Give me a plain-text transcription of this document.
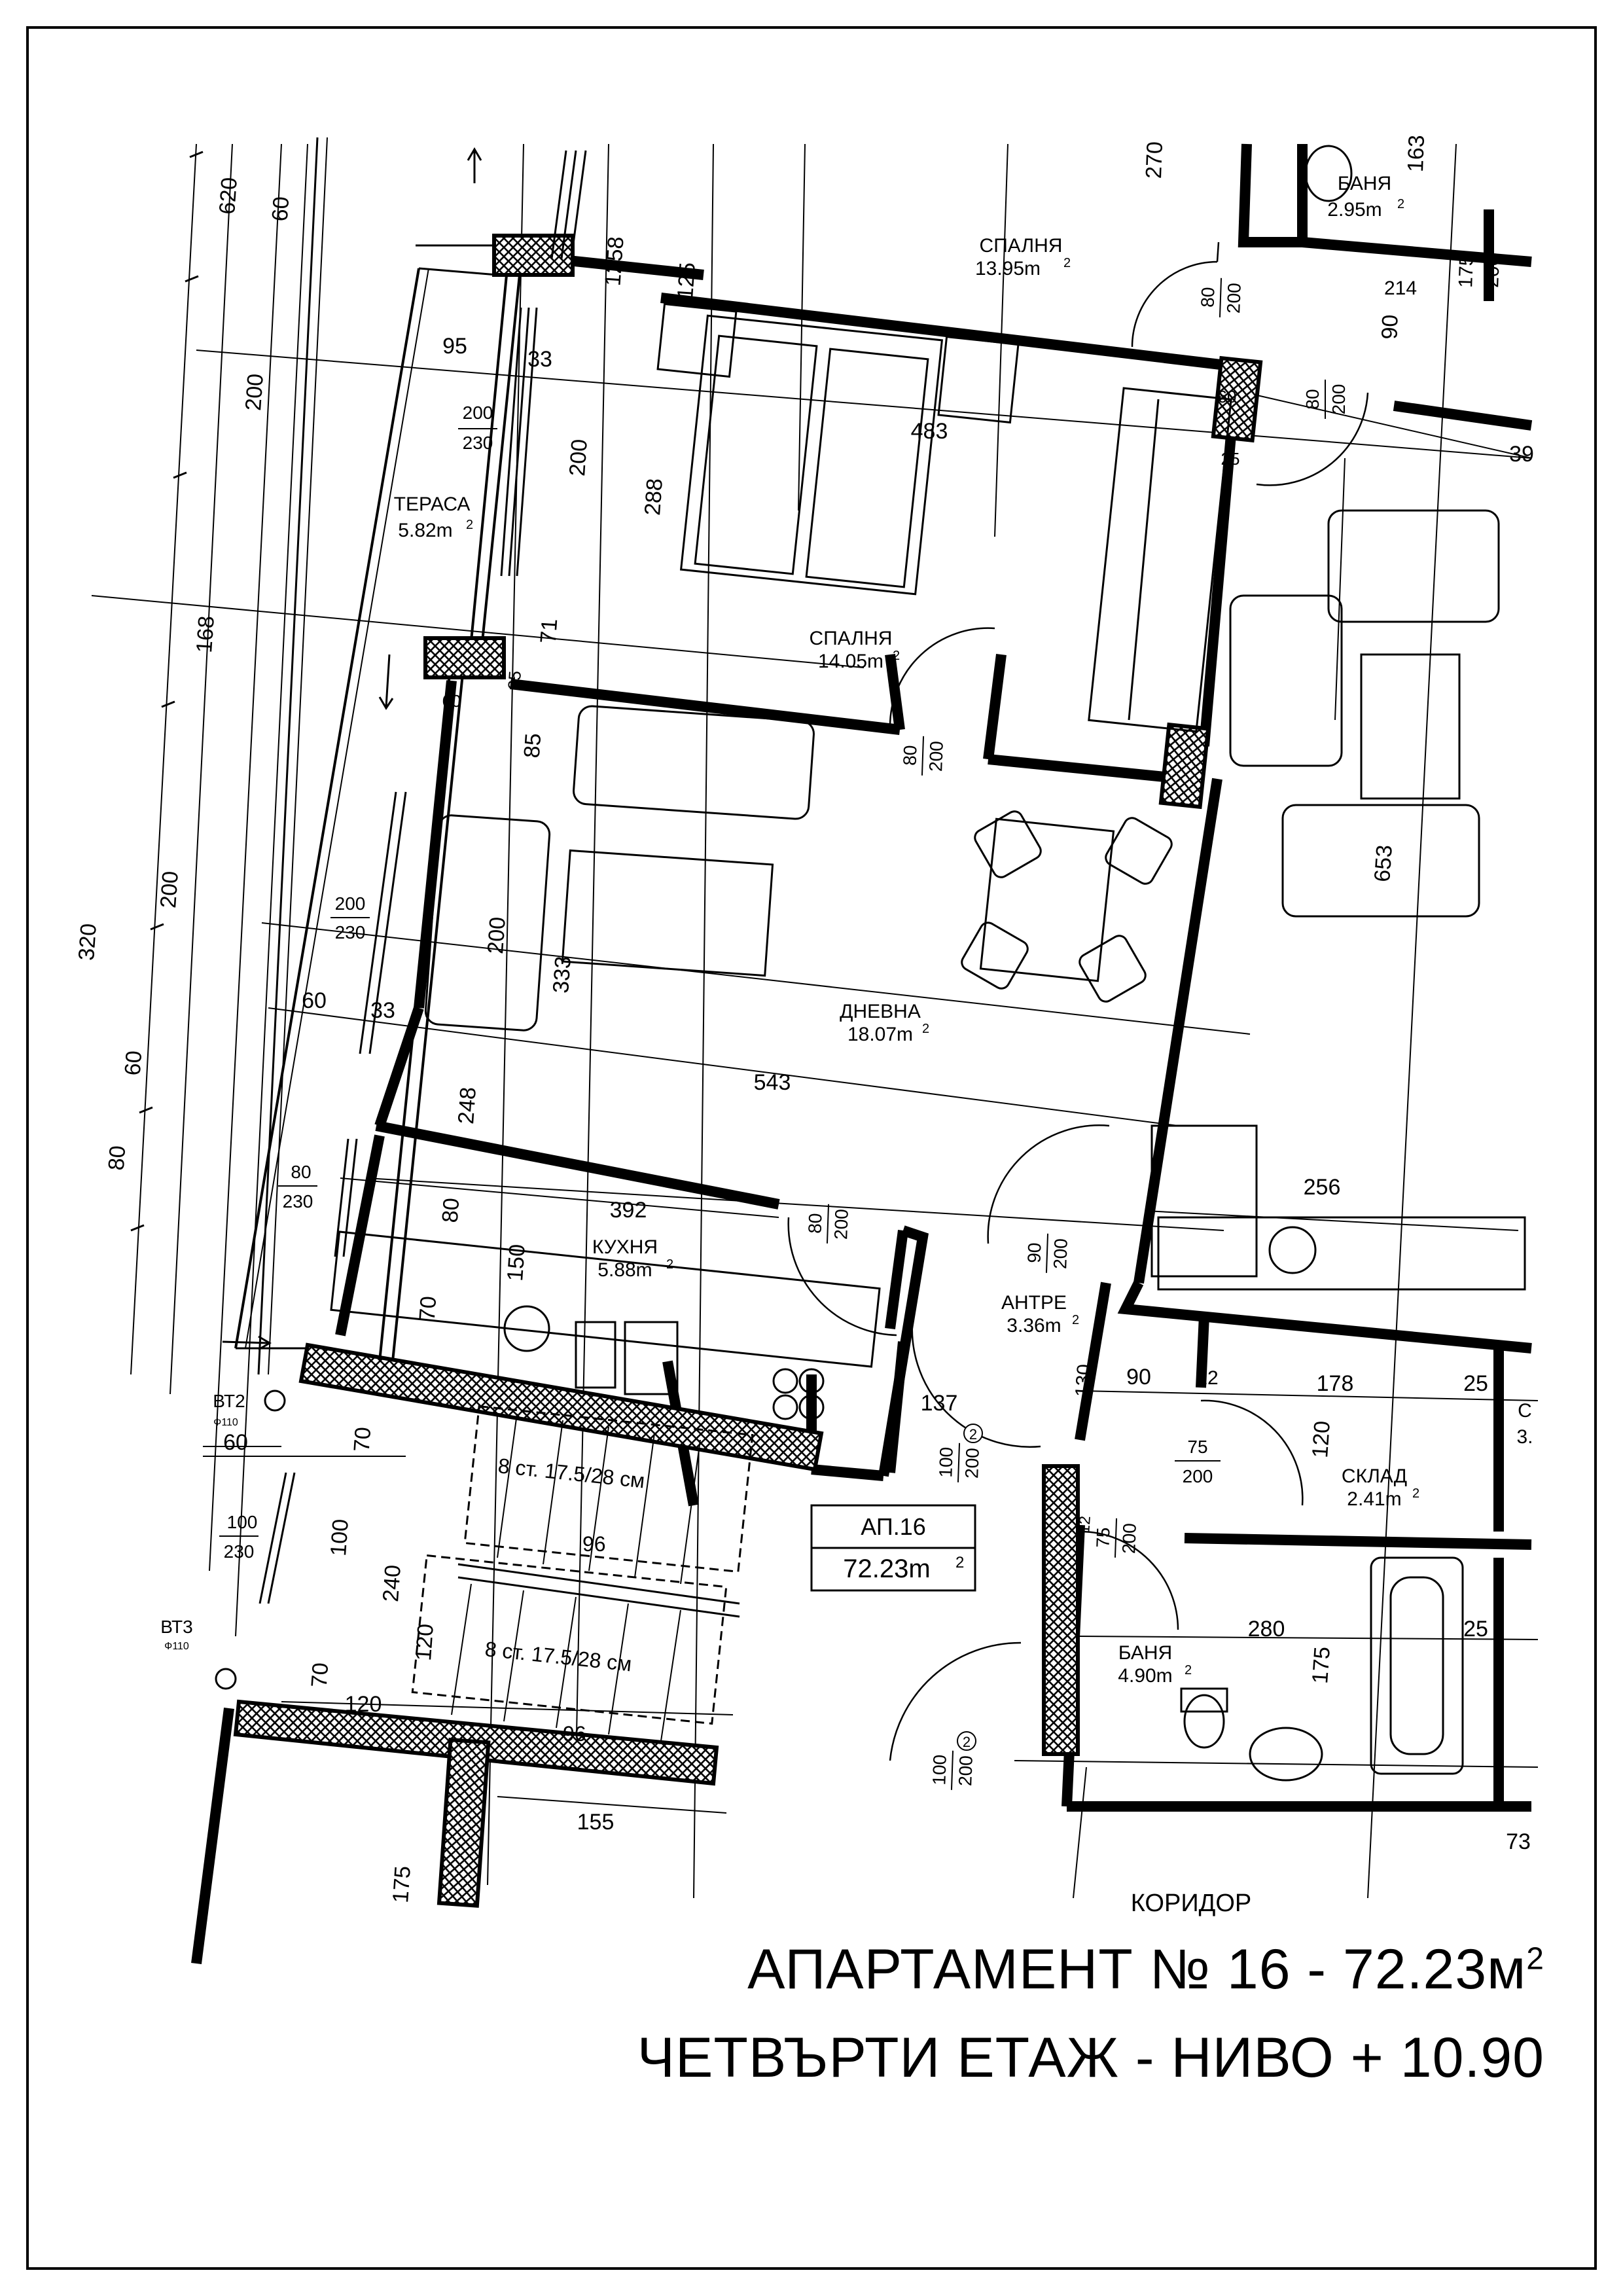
СПАЛНЯ
13.95m
БАНЯ
2.95m
ТЕРАСА
5.82m
СПАЛНЯ
14.05m
ДНЕВНА
18.07m
КУХНЯ
5.88m
АНТРЕ
3.36m
СКЛАД
2.41m
БАНЯ
4.90m
КОРИДОР
С
3.
АП.16
72.23m
2
2
2
2
2
2
2
2
2
2
ВТ2
Ф110
ВТ3
Ф110
8 ст. 17.5/28 см
8 ст. 17.5/28 см
96
96
620 60
200
168
200
60
80
320
95
33
200
230
1258 125
200
288
71
483
60
25
60
25
85
200
333
200
230
60 33
543
248
80
230	392
80
150
70
60
256
653
137
130 90 12	178	25
120
280	25
175
73
100
230
70
100
240
120
70
120
155
175
270	163
175 200
214
90
39
12
80 200
80 200
80 200
80 200
90 200
100 200
2
100 200
2
75
200
75 200
АПАРТАМЕНТ № $16 - 72.23м^2$
ЧЕТВЪРТИ ЕТАЖ - НИВО + 10.90
